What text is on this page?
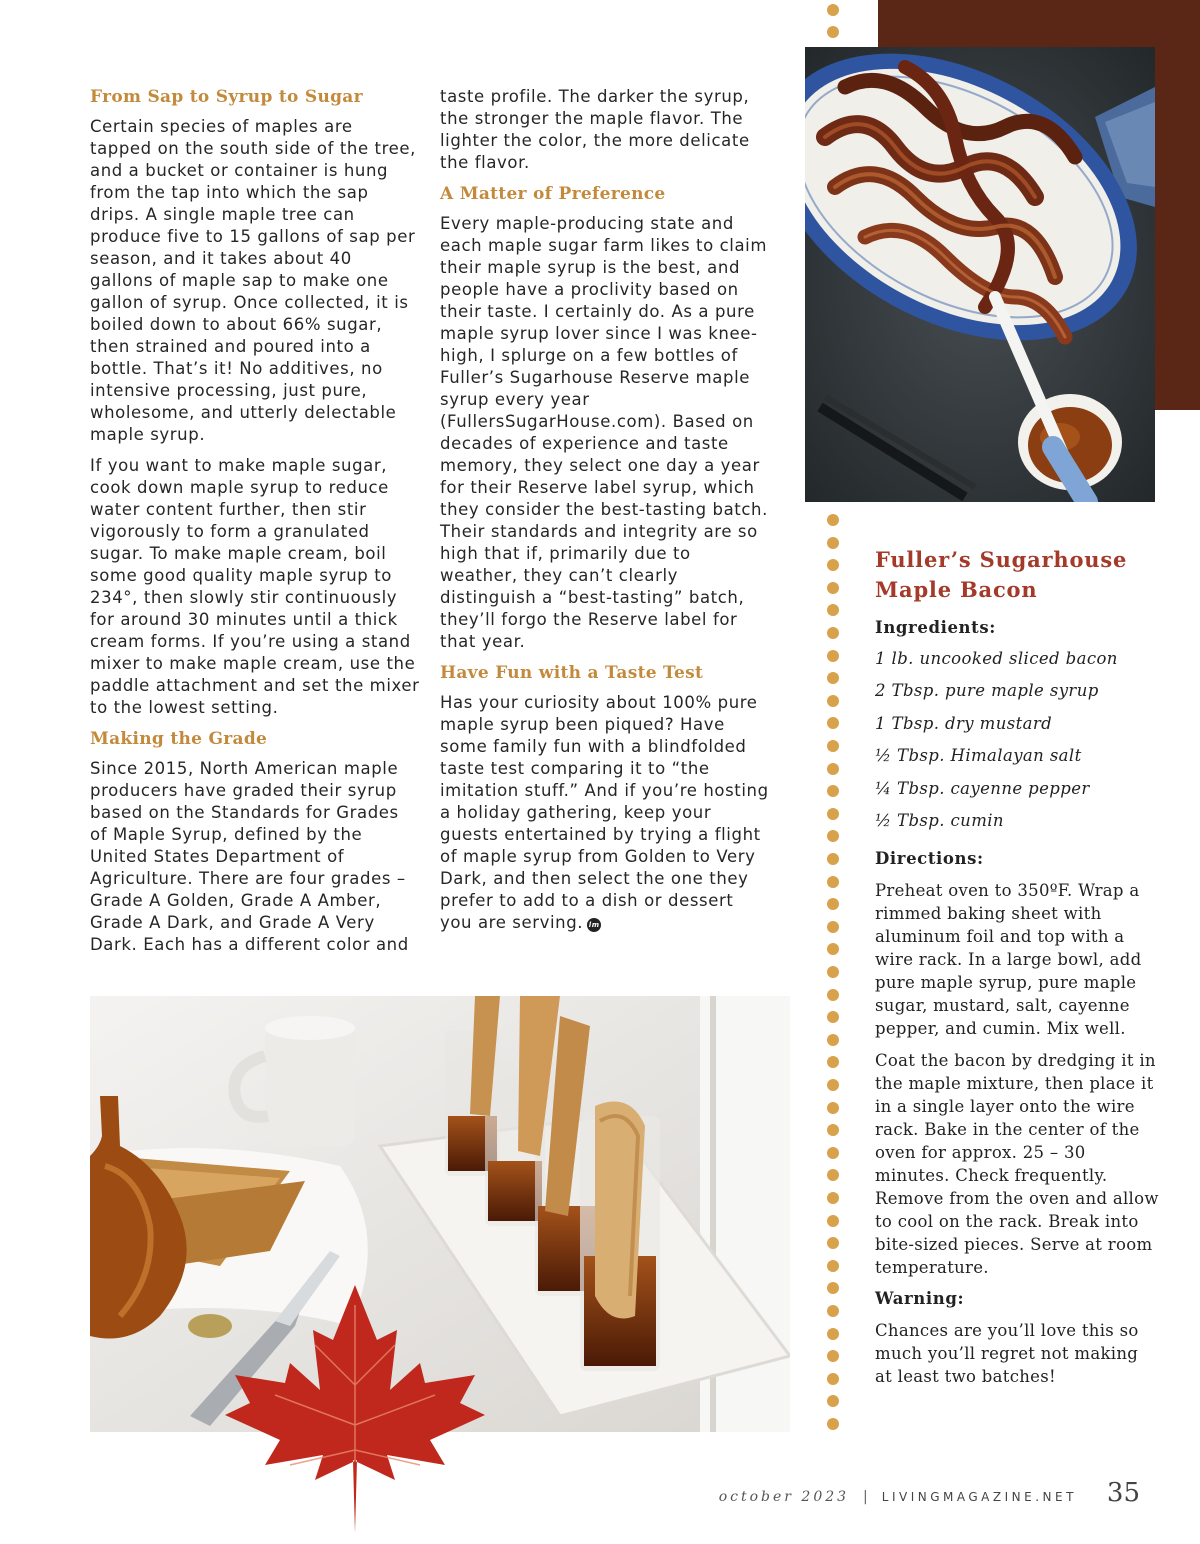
From Sap to Syrup to Sugar

Certain species of maples are tapped on the south side of the tree, and a bucket or container is hung from the tap into which the sap drips. A single maple tree can produce five to 15 gallons of sap per season, and it takes about 40 gallons of maple sap to make one gallon of syrup. Once collected, it is boiled down to about 66% sugar, then strained and poured into a bottle. That’s it! No additives, no intensive processing, just pure, wholesome, and utterly delectable maple syrup.

If you want to make maple sugar, cook down maple syrup to reduce water content further, then stir vigorously to form a granulated sugar. To make maple cream, boil some good quality maple syrup to 234°, then slowly stir continuously for around 30 minutes until a thick cream forms. If you’re using a stand mixer to make maple cream, use the paddle attachment and set the mixer to the lowest setting.

Making the Grade

Since 2015, North American maple producers have graded their syrup based on the Standards for Grades of Maple Syrup, defined by the United States Department of Agriculture. There are four grades – Grade A Golden, Grade A Amber, Grade A Dark, and Grade A Very Dark. Each has a different color and

taste profile. The darker the syrup, the stronger the maple flavor. The lighter the color, the more delicate the flavor.

A Matter of Preference

Every maple-producing state and each maple sugar farm likes to claim their maple syrup is the best, and people have a proclivity based on their taste. I certainly do. As a pure maple syrup lover since I was knee-high, I splurge on a few bottles of Fuller’s Sugarhouse Reserve maple syrup every year (FullersSugarHouse.com). Based on decades of experience and taste memory, they select one day a year for their Reserve label syrup, which they consider the best-tasting batch. Their standards and integrity are so high that if, primarily due to weather, they can’t clearly distinguish a “best-tasting” batch, they’ll forgo the Reserve label for that year.

Have Fun with a Taste Test

Has your curiosity about 100% pure maple syrup been piqued? Have some family fun with a blindfolded taste test comparing it to “the imitation stuff.” And if you’re hosting a holiday gathering, keep your guests entertained by trying a flight of maple syrup from Golden to Very Dark, and then select the one they prefer to add to a dish or dessert you are serving. lm

Fuller’s Sugarhouse
Maple Bacon
Ingredients:
1 lb. uncooked sliced bacon
2 Tbsp. pure maple syrup
1 Tbsp. dry mustard
½ Tbsp. Himalayan salt
¼ Tbsp. cayenne pepper
½ Tbsp. cumin
Directions:

Preheat oven to 350ºF. Wrap a rimmed baking sheet with aluminum foil and top with a wire rack. In a large bowl, add pure maple syrup, pure maple sugar, mustard, salt, cayenne pepper, and cumin. Mix well.

Coat the bacon by dredging it in the maple mixture, then place it in a single layer onto the wire rack. Bake in the center of the oven for approx. 25 – 30 minutes. Check frequently. Remove from the oven and allow to cool on the rack. Break into bite-sized pieces. Serve at room temperature.

Warning:

Chances are you’ll love this so much you’ll regret not making at least two batches!

october 2023 | LIVINGMAGAZINE.NET 35
